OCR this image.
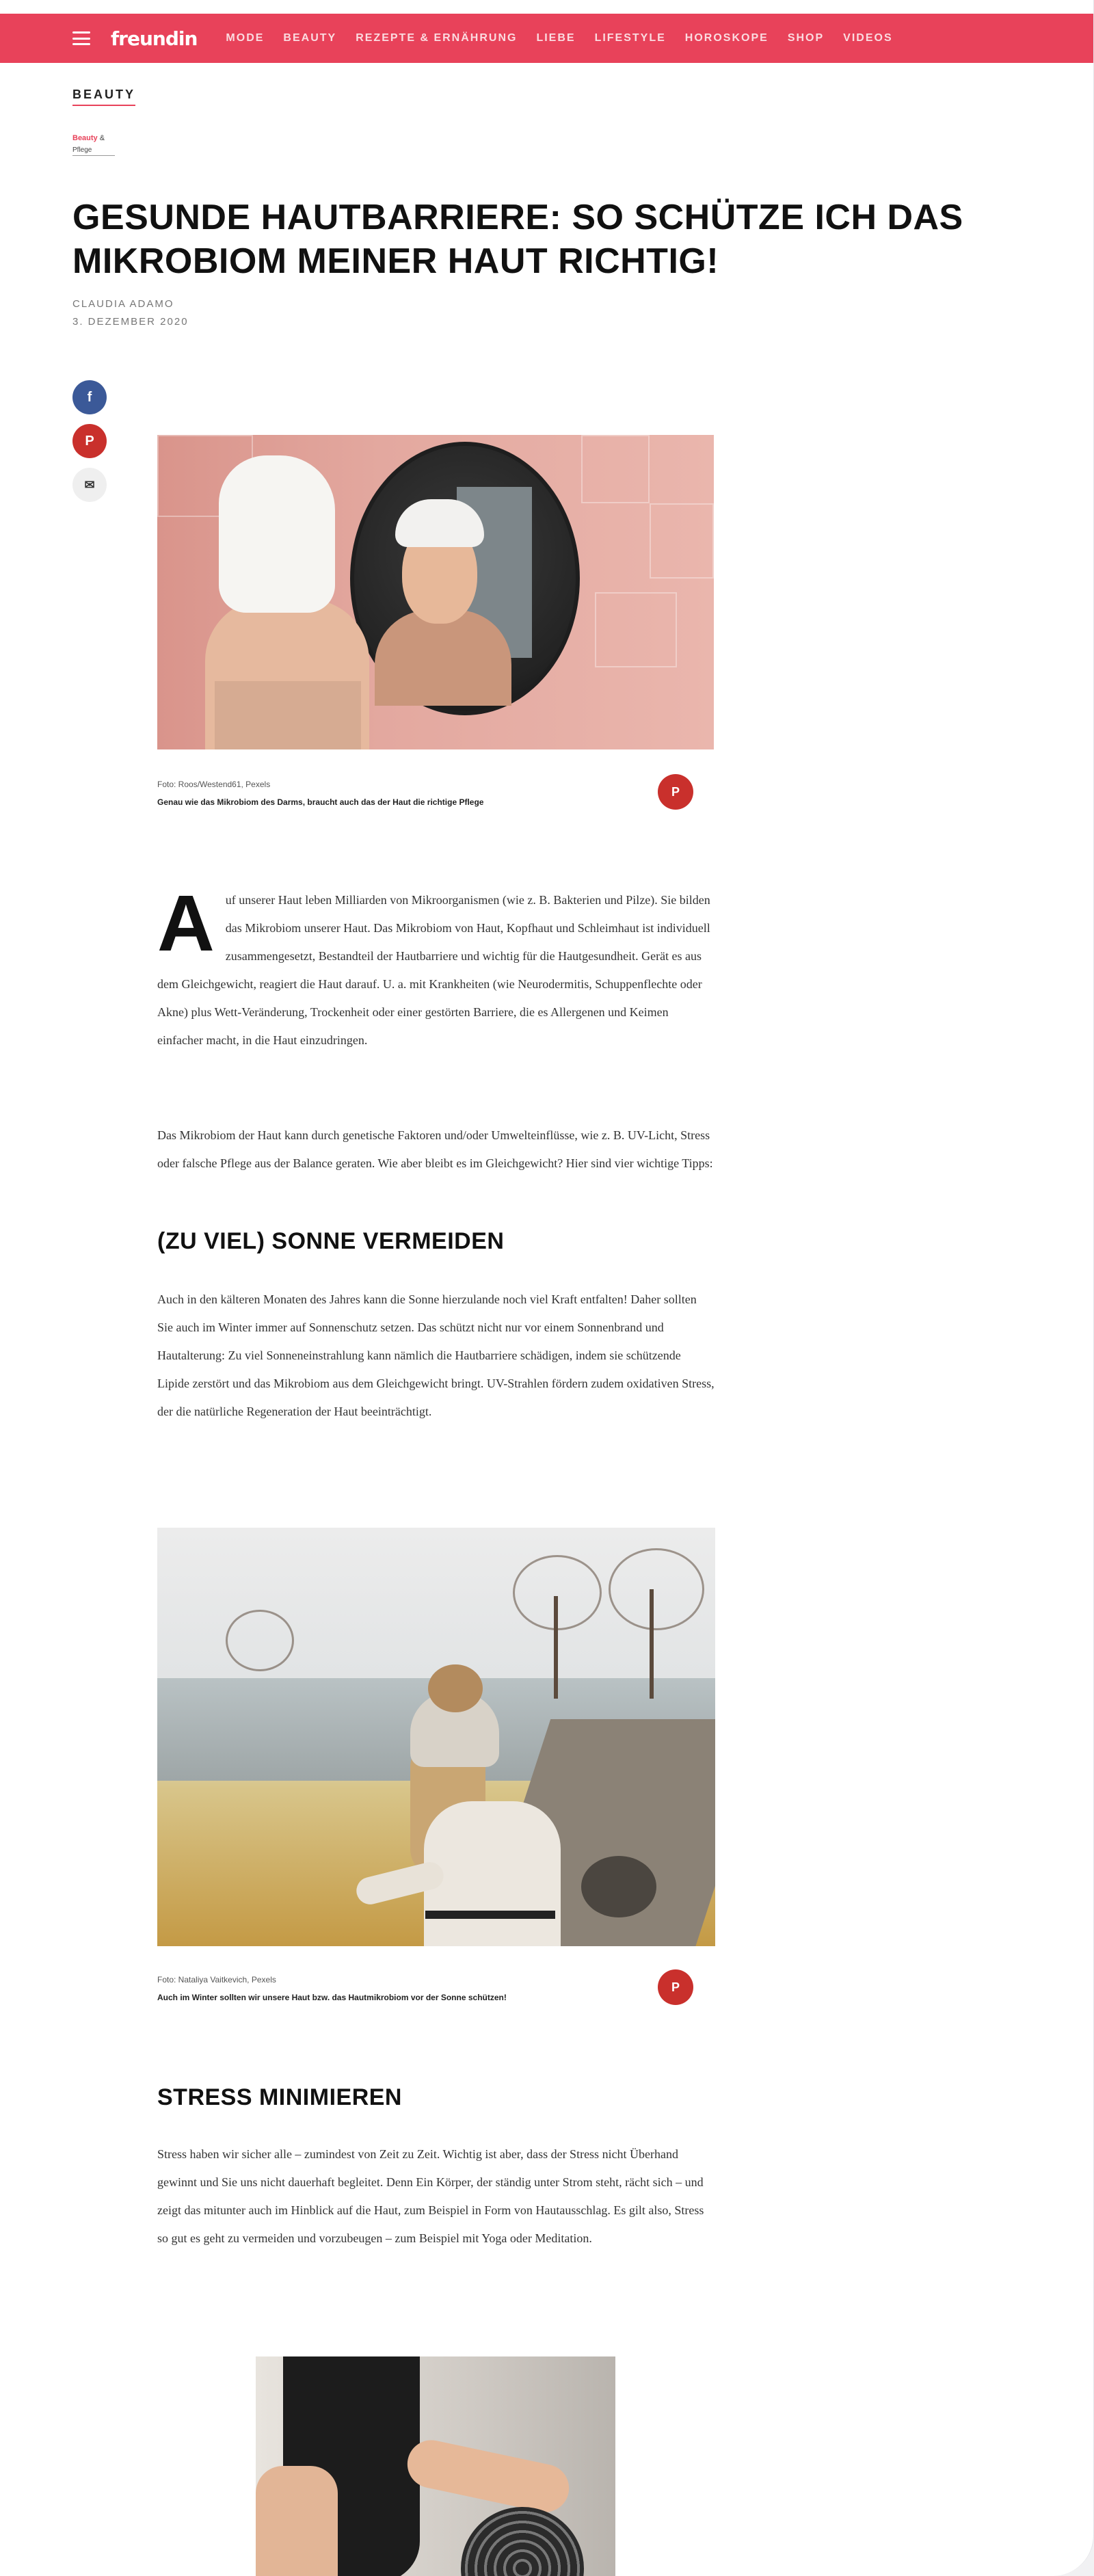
freundin	MODE BEAUTY REZEPTE & ERNÄHRUNG LIEBE LIFESTYLE HOROSKOPE SHOP VIDEOS
BEAUTY
Beauty &
Pflege
GESUNDE HAUTBARRIERE: SO SCHÜTZE ICH DAS MIKROBIOM MEINER HAUT RICHTIG!
CLAUDIA ADAMO
3. DEZEMBER 2020
f
P
✉
Foto: Roos/Westend61, Pexels
Genau wie das Mikrobiom des Darms, braucht auch das der Haut die richtige Pflege
P
A uf unserer Haut leben Milliarden von Mikroorganismen (wie z. B. Bakterien und Pilze). Sie bilden das Mikrobiom unserer Haut. Das Mikrobiom von Haut, Kopfhaut und Schleimhaut ist individuell zusammengesetzt, Bestandteil der Hautbarriere und wichtig für die Hautgesundheit. Gerät es aus dem Gleichgewicht, reagiert die Haut darauf. U. a. mit Krankheiten (wie Neurodermitis, Schuppenflechte oder Akne) plus Wett-Veränderung, Trockenheit oder einer gestörten Barriere, die es Allergenen und Keimen einfacher macht, in die Haut einzudringen.
Das Mikrobiom der Haut kann durch genetische Faktoren und/oder Umwelteinflüsse, wie z. B. UV-Licht, Stress oder falsche Pflege aus der Balance geraten. Wie aber bleibt es im Gleichgewicht? Hier sind vier wichtige Tipps:
(ZU VIEL) SONNE VERMEIDEN
Auch in den kälteren Monaten des Jahres kann die Sonne hierzulande noch viel Kraft entfalten! Daher sollten Sie auch im Winter immer auf Sonnenschutz setzen. Das schützt nicht nur vor einem Sonnenbrand und Hautalterung: Zu viel Sonneneinstrahlung kann nämlich die Hautbarriere schädigen, indem sie schützende Lipide zerstört und das Mikrobiom aus dem Gleichgewicht bringt. UV-Strahlen fördern zudem oxidativen Stress, der die natürliche Regeneration der Haut beeinträchtigt.
Foto: Nataliya Vaitkevich, Pexels
Auch im Winter sollten wir unsere Haut bzw. das Hautmikrobiom vor der Sonne schützen!
P
STRESS MINIMIEREN
Stress haben wir sicher alle – zumindest von Zeit zu Zeit. Wichtig ist aber, dass der Stress nicht Überhand gewinnt und Sie uns nicht dauerhaft begleitet. Denn Ein Körper, der ständig unter Strom steht, rächt sich – und zeigt das mitunter auch im Hinblick auf die Haut, zum Beispiel in Form von Hautausschlag. Es gilt also, Stress so gut es geht zu vermeiden und vorzubeugen – zum Beispiel mit Yoga oder Meditation.
